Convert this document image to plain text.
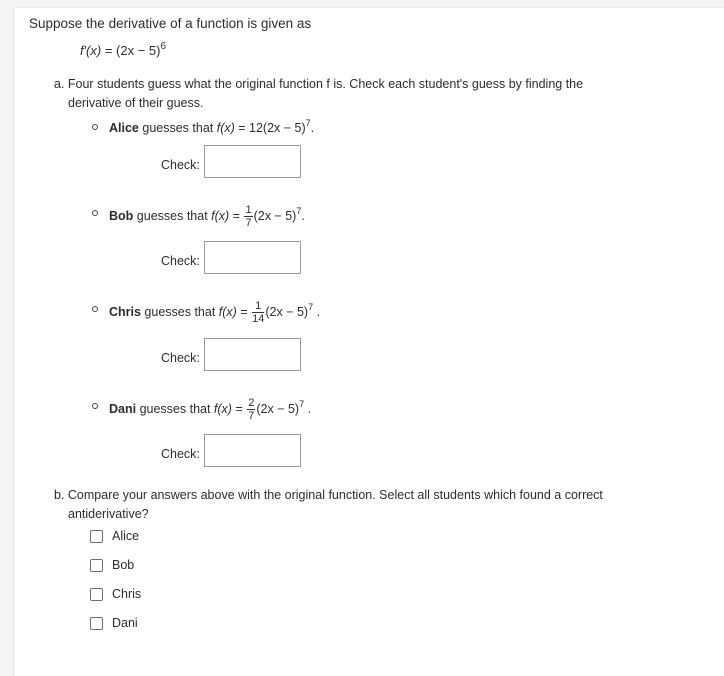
Suppose the derivative of a function is given as
$f'(x) = (2x - 5)^6$
a. Four students guess what the original function f is. Check each student's guess by finding the
derivative of their guess.
Alice guesses that $f(x) = 12(2x - 5)^7$.
Check:
Bob guesses that $f(x) = \frac{1}{7} (2x - 5)^7$.
Check:
Chris guesses that $f(x) = \frac{1}{14} (2x - 5)^7$ .
Check:
Dani guesses that $f(x) = \frac{2}{7} (2x - 5)^7$ .
Check:
b. Compare your answers above with the original function. Select all students which found a correct
antiderivative?
Alice
Bob
Chris
Dani
